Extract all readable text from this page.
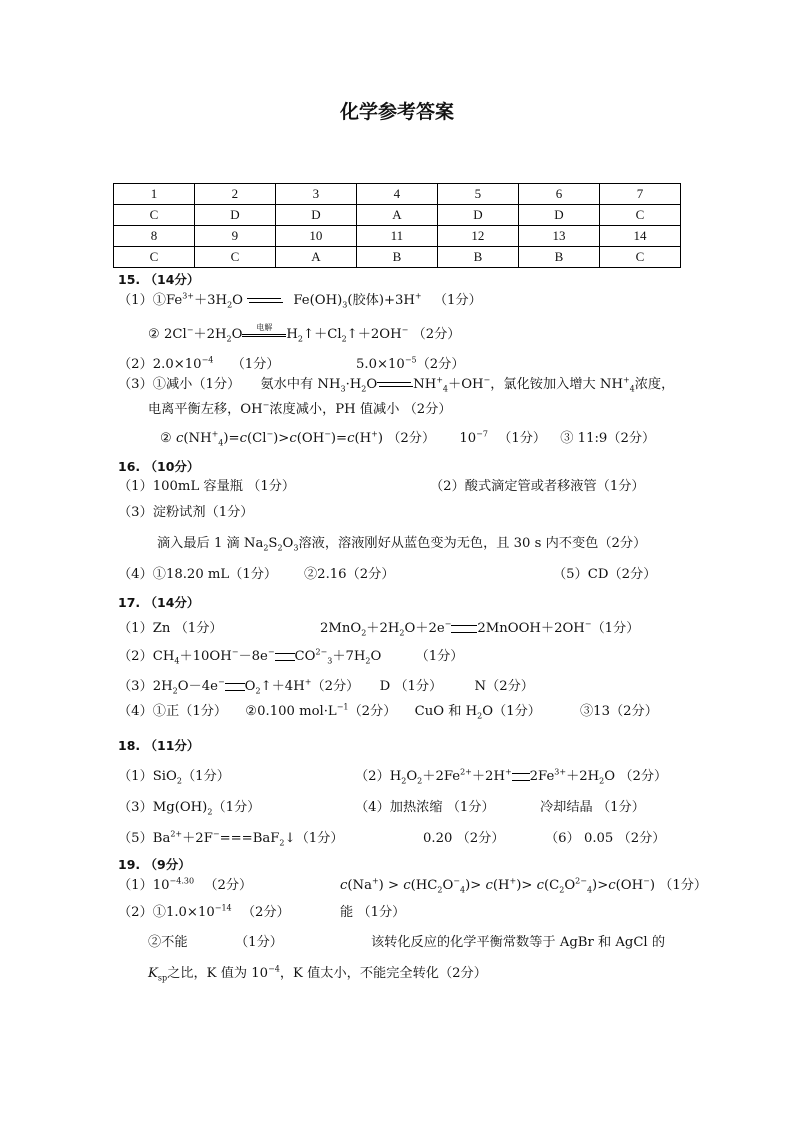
化学参考答案
1	2	3	4	5	6	7
C	D	D	A	D	D	C
8	9	10	11	12	13	14
C	C	A	B	B	B	C
15. （14分）
$(1)①Fe^{3+}+3H_2O$	$Fe(OH)_3$(胶体)+3H+ （1分）
② $2Cl^-+2H_2O$	电解	$H_2↑+Cl_2↑+2OH^-$ （2分）
$(2)2.0\times 10^{-4}$ （1分）	$5.0\times 10^{-5}(2$分）
（3）①减小（1分） 氨水中有 $NH_3\cdot H_2O$	$NH^+_4+OH^-$，氯化铵加入增大 $NH^+_4$浓度，
电离平衡左移，OH−浓度减小，PH 值减小 （2分）
② $c(NH^+_4)=c(Cl^-)>c(OH^-)=c(H^+)$ （2分） $10^{-7}$ （1分） ③ 11:9（2分）
16. （10分）
（1）100mL 容量瓶 （1分）	（2）酸式滴定管或者移液管（1分）
（3）淀粉试剂（1分）
滴入最后 1 滴 $Na_2S_2O_3$溶液，溶液刚好从蓝色变为无色，且 30 s 内不变色（2分）
（4）①18.20 mL（1分） ②2.16（2分）	（5）CD（2分）
17. （14分）
（1）Zn （1分）	$2MnO_2+2H_2O+2e^-$ 2MnOOH＋2OH−（1分）
$(2)CH_4+10OH^--8e^-$ $CO^{2-}_3+7H_2O$	（1分）
$(3)2H_2O-4e^-$ $O_2↑+4H^+(2$分） D （1分） N（2分）
（4）①正（1分） ②0.100 $mol\cdot L^{-1}(2$分） CuO 和 $H_2O(1$分）	③13（2分）
18. （11分）
（1）SiO$_2$（1分）	$(2)H_2O_2+2Fe^{2+}+2H^+$ $2Fe^{3+}+2H_2O$ （2分）
$(3)Mg(OH)_2(1$分）	（4）加热浓缩 （1分）	冷却结晶 （1分）
$(5)Ba^{2+}+2F^-===BaF_2↓(1$分）	0.20 （2分）	（6） 0.05 （2分）
19. （9分）
$(1)10^{-4.30}$ （2分）	$c(Na^+) > c(HC_2O^-_4)> c(H^+)> c(C_2O^{2-}_4)>c(OH^-)$ （1分）
$(2)①1.0\times 10^{-14}$ （2分）	能 （1分）
②不能	（1分）	该转化反应的化学平衡常数等于 AgBr 和 AgCl 的
$K_{sp}$之比，K 值为 $10^{-4}$，K 值太小，不能完全转化（2分）
